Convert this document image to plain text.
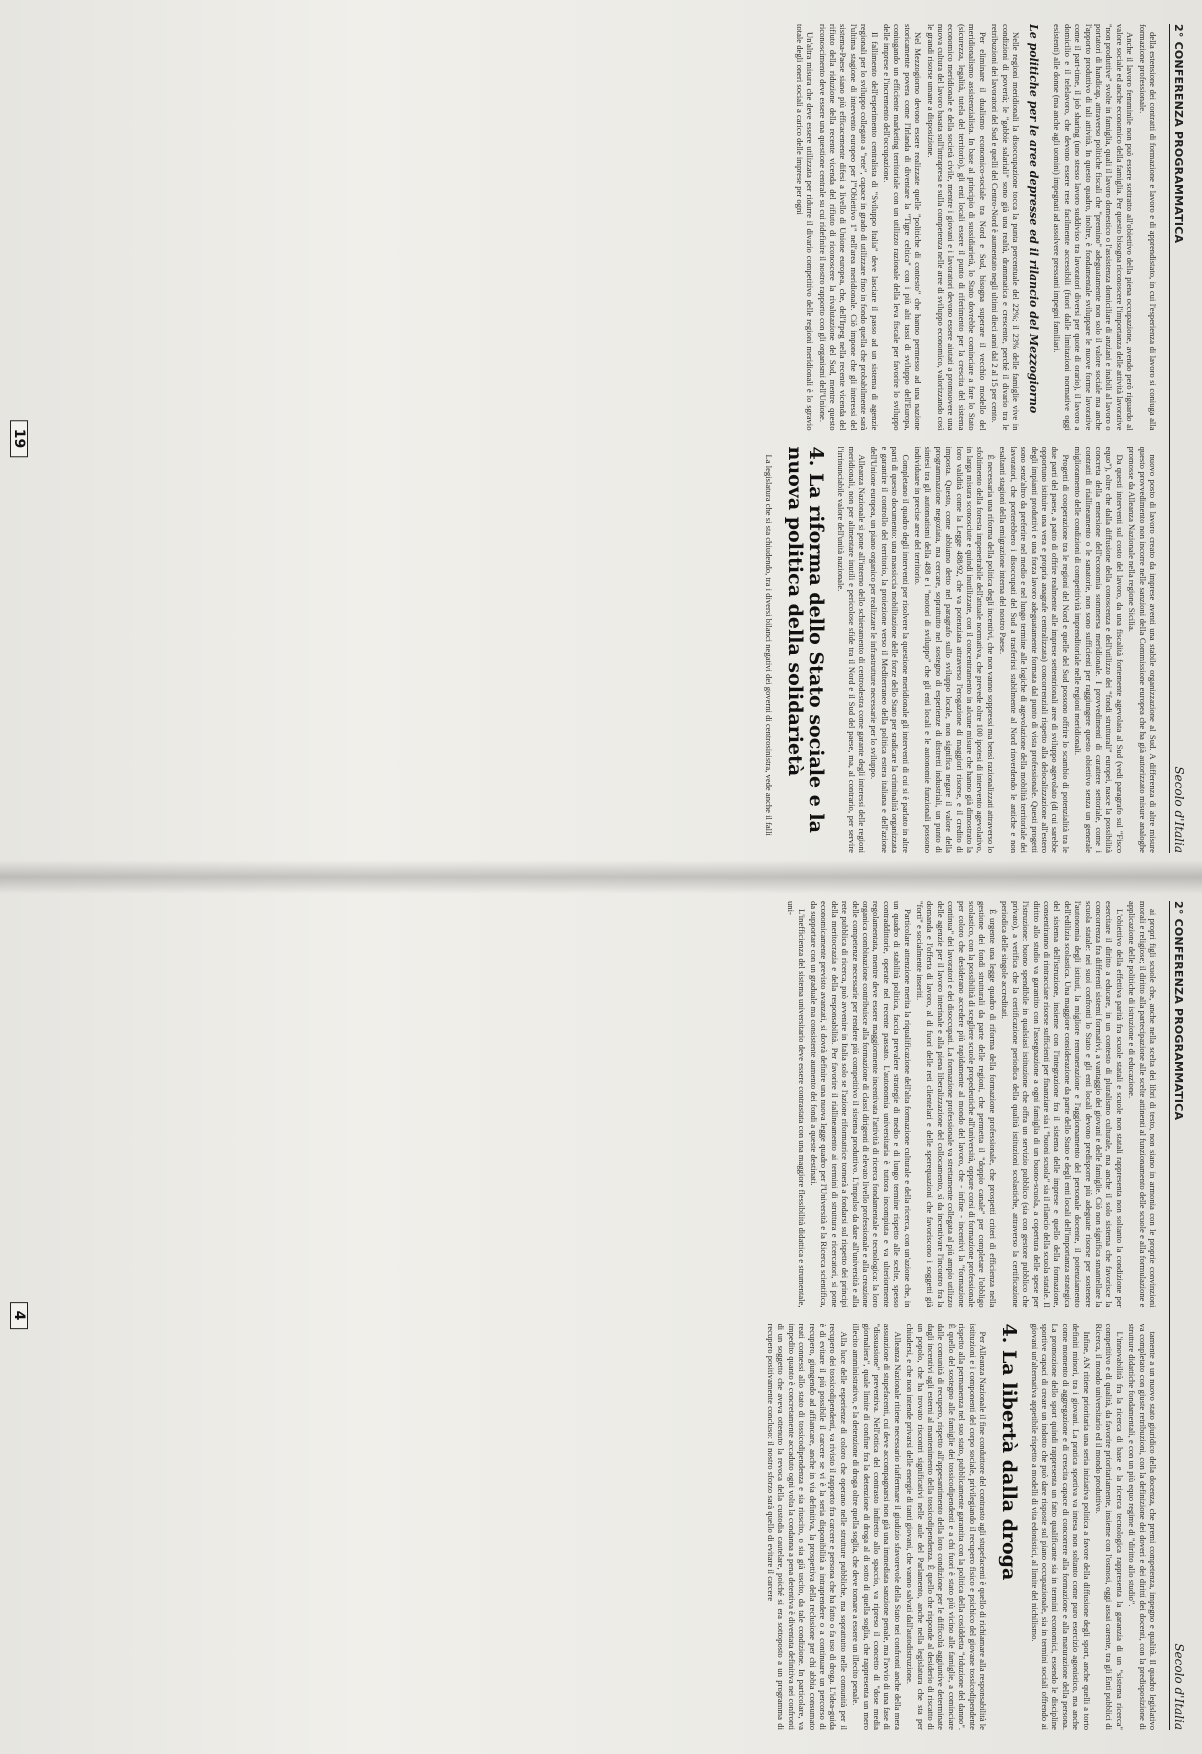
2° CONFERENZA PROGRAMMATICA
Secolo d'Italia

della estensione dei contratti di formazione e lavoro e di apprendistato, in cui l'esperienza di lavoro si coniuga alla formazione professionale.

Anche il lavoro femminile non può essere sottratto all'obiettivo della piena occupazione, avendo però riguardo al valore sociale ed anche economico della famiglia. Per questo bisogna riconoscere l'importanza delle attività lavorative "non produttive" svolte in famiglia, quali il lavoro domestico o l'assistenza domiciliare di anziani e inabili al lavoro o portatori di handicap, attraverso politiche fiscali che "premino" adeguatamente non solo il valore sociale ma anche l'apporto produttivo di tali attività. In questo quadro, inoltre, è fondamentale sviluppare le nuove forme lavorative come il part-time, il job sharing (uno stesso lavoro suddiviso tra lavoratori diversi per quote di orario), il lavoro a domicilio e il telelavoro, che devono essere rese facilmente accessibili (fuori dalle limitazioni normative oggi esistenti) alle donne (ma anche agli uomini) impegnati ad assolvere pressanti impegni familiari.

Le politiche per le aree depresse ed il rilancio del Mezzogiorno

Nelle regioni meridionali la disoccupazione tocca la punta percentuale del 22%; il 23% delle famiglie vive in condizioni di povertà; le "gabbie salariali" sono già una realtà, drammatica e crescente, perché il divario tra le retribuzioni dei lavoratori del Sud e quelli del Centro-Nord è aumentato negli ultimi dieci anni dal 2 al 15 per cento.

Per eliminare il dualismo economico-sociale tra Nord e Sud, bisogna superare il vecchio modello del meridionalismo assistenzialista. In base al principio di sussidiarietà, lo Stato dovrebbe cominciare a fare lo Stato (sicurezza, legalità, tutela del territorio), gli enti locali essere il punto di riferimento per la crescita del sistema economico meridionale e della società civile, mentre i giovani e i lavoratori devono essere aiutati a promuovere una nuova cultura del lavoro basata sull'intrapresa e sulla competenza nelle aree di sviluppo economico, valorizzando così le grandi risorse umane a disposizione.

Nel Mezzogiorno devono essere realizzate quelle "politiche di contesto" che hanno permesso ad una nazione storicamente povera come l'Irlanda di diventare la "Tigre celtica" con i più alti tassi di sviluppo dell'Europa, coniugando un efficiente marketing territoriale con un utilizzo razionale della leva fiscale per favorire lo sviluppo delle imprese e l'incremento dell'occupazione.

Il fallimento dell'esperimento centralista di "Sviluppo Italia" deve lasciare il passo ad un sistema di agenzie regionali per lo sviluppo collegato a "rete", capace in grado di utilizzare fino in fondo quella che probabilmente sarà l'ultima stagione di intervento europeo per l'"Obiettivo 1" nell'area meridionale. Ciò impone che gli interessi del sistema-Paese siano più efficacemente difesi a livello di Unione europea, che, dell'Irpeg nella recente vicenda del rifiuto della riduzione della recente vicenda del rifiuto di riconoscere la rivalutazione del Sud, mentre questo riconoscimento deve essere una questione centrale su cui ridefinire il nostro rapporto con gli organismi dell'Unione.

Un'altra misura che deve essere utilizzata per ridurre il divario competitivo delle regioni meridionali è lo sgravio totale degli oneri sociali a carico delle imprese per ogni

nuovo posto di lavoro creato da imprese aventi una stabile organizzazione al Sud. A differenza di altre misure questo provvedimento non incorre nelle sanzioni della Commissione europea che ha già autorizzato misure analoghe promosse da Alleanza Nazionale nella regione Sicilia.

Da questi interventi sul costo del lavoro, da una fiscalità fortemente agevolata al Sud (vedi paragrafo sul "Fisco equo"), oltre che dalla diffusione della conoscenza e dell'utilizzo dei "fondi strutturali" europei, nasce la possibilità concreta della emersione dell'economia sommersa meridionale. I provvedimenti di carattere settoriale, come i contratti di riallineamento o le sanatorie, non sono sufficienti per raggiungere questo obiettivo senza un generale miglioramento delle condizioni di competitività imprenditoriale nelle regioni meridionali.

Progetti di cooperazione tra le regioni del Nord e quelle del Sud possono offrire lo scambio di potenzialità tra le due parti del paese, a patto di offrire realmente alle imprese settentrionali aree di sviluppo agevolato (di cui sarebbe opportuno istituire una vera e propria anagrafe centralizzata) concorrenziali rispetto alla delocalizzazione all'estero degli impianti produttivi e una forza lavoro adeguatamente formata dal punto di vista professionale. Questi progetti sono senz'altro da preferire nel medio e nel lungo termine alle logiche di agevolazione della mobilità territoriale dei lavoratori, che porterebbero i disoccupati del Sud a trasferirsi stabilmente al Nord rinverdendo le antiche e non esaltanti stagioni della emigrazione interna del nostro Paese.

È necessaria una riforma della politica degli incentivi, che non vanno soppressi ma bensì razionalizzati attraverso lo sfoltimento della foresta impenetrabile dell'attuale normativa, che prevede oltre 100 ipotesi di intervento agevolativo, in larga misura sconosciute e quindi inutilizzate, con il concentramento in alcune misure che hanno già dimostrato la loro validità come la Legge 488/92, che va potenziata attraverso l'erogazione di maggiori risorse, e il credito di imposta. Questo, come abbiamo detto nel paragrafo sullo sviluppo locale, non significa negare il valore della programmazione negoziata, ma cercare, soprattutto nel sostegno di esperienze di distretti industriali, un punto di sintesi tra gli automatismi della 488 e i "motori di sviluppo" che gli enti locali e le autonomie funzionali possono individuare in precise aree del territorio.

Completano il quadro degli interventi per risolvere la questione meridionale gli interventi di cui si è parlato in altre parti di questo documento: una massiccia mobilitazione delle forze dello Stato per sradicare la criminalità organizzata e garantire il controllo del territorio, la proiezione verso il Mediterraneo della politica estera italiana e dell'azione dell'Unione europea, un piano organico per realizzare le infrastrutture necessarie per lo sviluppo.

Alleanza Nazionale si pone all'interno dello schieramento di centrodestra come garante degli interessi delle regioni meridionali, non per alimentare inutili e pericolose sfide tra il Nord e il Sud del paese, ma, al contrario, per servire l'irrinunciabile valore dell'unità nazionale.

4. La riforma dello Stato sociale e la nuova politica della solidarietà

La legislatura che si sta chiudendo, tra i diversi bilanci negativi dei governi di centrosinistra, vede anche il falli

19
2° CONFERENZA PROGRAMMATICA
Secolo d'Italia

ai propri figli scuole che, anche nella scelta dei libri di testo, non siano in armonia con le proprie convinzioni morali e religiose; il diritto alla partecipazione alle scelte attinenti al funzionamento delle scuole e alla formulazione e applicazione delle politiche di istruzione e di educazione.

L'obiettivo della effettiva parità fra scuole statali e scuole non statali rappresenta non soltanto la condizione per esercitare il diritto a educare, in un contesto di pluralismo culturale, ma anche il solo sistema che favorisce la concorrenza fra differenti sistemi formativi, a vantaggio dei giovani e delle famiglie. Ciò non significa smantellare la scuola statale: nei suoi confronti lo Stato e gli enti locali devono predisporre più adeguate risorse per sostenere l'autonomia degli istituti, la migliore remunerazione e l'aggiornamento del personale docente, il potenziamento dell'edilizia scolastica. Una maggiore considerazione da parte dello Stato e degli enti locali dell'importanza strategica del sistema dell'istruzione, insieme con l'integrazione fra il sistema delle imprese e quello della formazione, consentiranno di rintracciare risorse sufficienti per finanziare sia i "buoni scuola" sia il rilancio della scuola statale. Il diritto allo studio va garantito con l'assegnazione a ogni famiglia di un buono-scuola, a copertura delle spese per l'istruzione: buono spendibile in qualsiasi istituzione che offra un servizio pubblico (sia con gestore pubblico che privato), a verifica che la certificazione periodica della qualità istituzioni scolastiche, attraverso la certificazione periodica delle singole accreditati.

È urgente una legge quadro di riforma della formazione professionale, che prospetti criteri di efficienza nella gestione dei fondi strutturali da parte delle regioni, che permetta il "doppio canale" per completare l'obbligo scolastico, con la possibilità di scegliere scuole propedeutiche all'università, oppure corsi di formazione professionale per coloro che desiderano accedere più rapidamente al mondo del lavoro, che - infine - incentivi la "formazione continua" dei lavoratori e dei disoccupati. La formazione professionale va strettamente collegata al più ampio utilizzo delle agenzie per il lavoro interinale e alla piena liberalizzazione del collocamento, sì da incentivare l'incontro fra la domanda e l'offerta di lavoro, al di fuori delle reti clientelari e delle sperequazioni che favoriscono i soggetti già "forti" e socialmente inseriti.

Particolare attenzione merita la riqualificazione dell'alta formazione culturale e della ricerca, con un'azione che, in un quadro di stabilità politica, faccia prevalere strategie di medio e di lungo termine rispetto alle scelte, spesso contraddittorie, operate nel recente passato. L'autonomia universitaria è tuttora incompiuta e va ulteriormente regolamentata, mentre deve essere maggiormente incentivata l'attività di ricerca fondamentale e tecnologica: la loro organica combinazione contribuisce alla formazione di classi dirigenti di elevato livello professionale e alla creazione delle competenze necessarie per rendere più competitivo il sistema produttivo. L'impulso da dare all'università e alla rete pubblica di ricerca, può avvenire in Italia solo se l'azione riformatrice tornerà a fondarsi sul rispetto dei principi della meritocrazia e della responsabilità. Per favorire il riallineamento ai termini di struttura e ricercatori, si pone economicamente previsto avanzati, si dovrà definire una nuova legge quadro per l'Università e la Ricerca scientifica, da supportare con un graduale ma consistente aumento dei fondi a queste destinati.

L'inefficienza del sistema universitario deve essere contrastata con una maggiore flessibilità didattica e strumentale, uni-

tamente a un nuovo stato giuridico della docenza, che premi competenza, impegno e qualità. Il quadro legislativo va completato con giuste retribuzioni, con la definizione dei doveri e dei diritti dei docenti, con la predisposizione di strutture didattiche fondamentali, e con un più equo regime di "diritto allo studio".

L'innovabilità fra la ricerca di base e la ricerca tecnologica rappresenta la garanzia di un "sistema ricerca" competitivo e di qualità, da favorire prioritariamente, insieme con l'osmosi, oggi assai carente, tra gli Enti pubblici di Ricerca, il mondo universitario ed il mondo produttivo.

Infine, AN ritiene prioritaria una seria iniziativa politica a favore della diffusione degli sport, anche quelli a torto definiti minori, tra i giovani. La pratica sportiva va intesa non soltanto come puro esercizio agonistico, ma anche come momento di aggregazione e di crescita capace di concorrere alla formazione e alla maturazione della persona. La promozione dello sport quindi rappresenta un fatto qualificante sia in termini economici, essendo le discipline sportive capaci di creare un indotto che può dare risposte sul piano occupazionale, sia in termini sociali offrendo ai giovani un'alternativa appetibile rispetto a modelli di vita edonistici, al limite del nichilismo.

4. La libertà dalla droga

Per Alleanza Nazionale il fine conduttore del contrasto agli stupefacenti è quello di richiamare alla responsabilità le istituzioni e i componenti del corpo sociale, privilegiando il recupero fisico e psichico del giovane tossicodipendente rispetto alla permanenza nel suo stato, pubblicamente garantita con la politica della cosiddetta "riduzione del danno". È quello del sostegno alle famiglie dei tossicodipendenti e a chi fuori è stato più vicino alle famiglie, a cominciare dalle comunità di recupero, rispetto all'appesantimento della loro condizione per le difficoltà aggiuntive determinate dagli incentivi agli esterni al mantenimento della tossicodipendenza. È quello che risponde al desiderio di riscatto di un popolo, che ha trovato riscontri significativi nelle aule del Parlamento, anche nella legislatura che sta per chiudersi, e che non intende privarsi delle energie di tanti giovani, che vanno salvati dall'autodistruzione.

Alleanza Nazionale ritiene necessario riaffermare il giudizio sfavorevole della Stato nei confronti anche della mera assunzione di stupefacenti, cui deve accompagnarsi non già una immediata sanzione penale, ma l'avvio di una fase di "dissuasione" preventiva. Nell'ottica del contrasto indiretto allo spaccio, va ripreso il concetto di "dose media giornaliera", quale limite di confine fra la detenzione di droga al di sotto di quella soglia, che rappresenta un mero illecito amministrativo, e la detenzione di droga oltre quella soglia, che deve tornare a essere un illecito penale.

Alla luce delle esperienze di coloro che operano nelle strutture pubbliche, ma soprattutto nelle comunità per il recupero dei tossicodipendenti, va rivisto il rapporto fra carcere e persona che ha fatto o fa uso di droga. L'idea-guida è di evitare il più possibile il carcere se vi è la seria disponibilità a intraprendere o a continuare un percorso di recupero, giungendo ad affiancare, anche in via definitiva, la prospettiva della reclusione per chi abbia consumato reati connessi allo stato di tossicodipendenza e sia riuscito, o sia già uscito, da tale condizione. In particolare, va impedito quanto è concretamente accaduto ogni volta la condanna a pena detentiva è diventata definitiva nei confronti di un soggetto che aveva ottenuto la revoca della custodia cautelare, poiché si era sottoposto a un programma di recupero positivamente concluso: il nostro sforzo sarà quello di evitare il carcere

4
